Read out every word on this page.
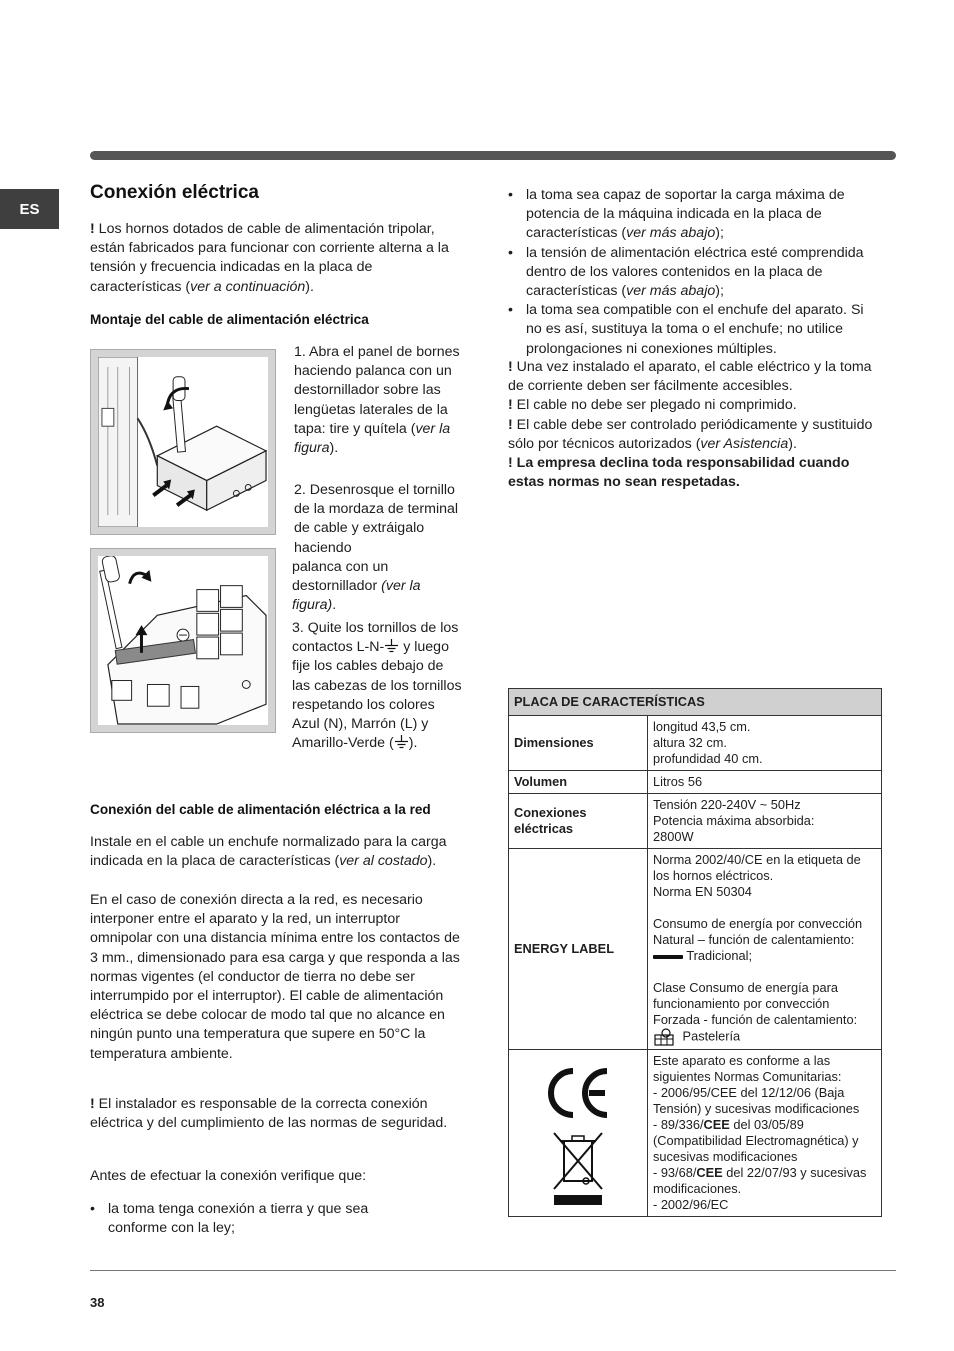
ES
Conexión eléctrica

! Los hornos dotados de cable de alimentación tripolar, están fabricados para funcionar con corriente alterna a la tensión y frecuencia indicadas en la placa de características (ver a continuación).

Montaje del cable de alimentación eléctrica

1. Abra el panel de bornes haciendo palanca con un destornillador sobre las lengüetas laterales de la tapa: tire y quítela (ver la figura).

2. Desenrosque el tornillo de la mordaza de terminal de cable y extráigalo haciendo

palanca con un destornillador (ver la figura).

3. Quite los tornillos de los contactos L-N- y luego fije los cables debajo de las cabezas de los tornillos respetando los colores Azul (N), Marrón (L) y Amarillo-Verde ( ).

Conexión del cable de alimentación eléctrica a la red

Instale en el cable un enchufe normalizado para la carga indicada en la placa de características (ver al costado).

En el caso de conexión directa a la red, es necesario interponer entre el aparato y la red, un interruptor omnipolar con una distancia mínima entre los contactos de 3 mm., dimensionado para esa carga y que responda a las normas vigentes (el conductor de tierra no debe ser interrumpido por el interruptor). El cable de alimentación eléctrica se debe colocar de modo tal que no alcance en ningún punto una temperatura que supere en 50°C la temperatura ambiente.

! El instalador es responsable de la correcta conexión eléctrica y del cumplimiento de las normas de seguridad.

Antes de efectuar la conexión verifique que:

• la toma tenga conexión a tierra y que sea conforme con la ley;
• la toma sea capaz de soportar la carga máxima de potencia de la máquina indicada en la placa de características (ver más abajo);
• la tensión de alimentación eléctrica esté comprendida dentro de los valores contenidos en la placa de características (ver más abajo);
• la toma sea compatible con el enchufe del aparato. Si no es así, sustituya la toma o el enchufe; no utilice prolongaciones ni conexiones múltiples.

! Una vez instalado el aparato, el cable eléctrico y la toma de corriente deben ser fácilmente accesibles.

! El cable no debe ser plegado ni comprimido.

! El cable debe ser controlado periódicamente y sustituido sólo por técnicos autorizados (ver Asistencia).

! La empresa declina toda responsabilidad cuando estas normas no sean respetadas.

PLACA DE CARACTERÍSTICAS	
Dimensiones	longitud 43,5 cm.
altura 32 cm.
profundidad 40 cm.

Volumen	Litros 56
Conexiones eléctricas	Tensión 220-240V ~ 50Hz
Potencia máxima absorbida:
2800W

ENERGY LABEL	Norma 2002/40/CE en la etiqueta de los hornos eléctricos.
Norma EN 50304
Consumo de energía por convección Natural – función de calentamiento:  Tradicional;
Clase Consumo de energía para funcionamiento por convección Forzada - función de calentamiento:  Pastelería

Este aparato es conforme a las siguientes Normas Comunitarias:
- 2006/95/CEE del 12/12/06 (Baja Tensión) y sucesivas modificaciones
- 89/336/CEE del 03/05/89 (Compatibilidad Electromagnética) y sucesivas modificaciones
- 93/68/CEE del 22/07/93 y sucesivas modificaciones.
- 2002/96/EC
38
